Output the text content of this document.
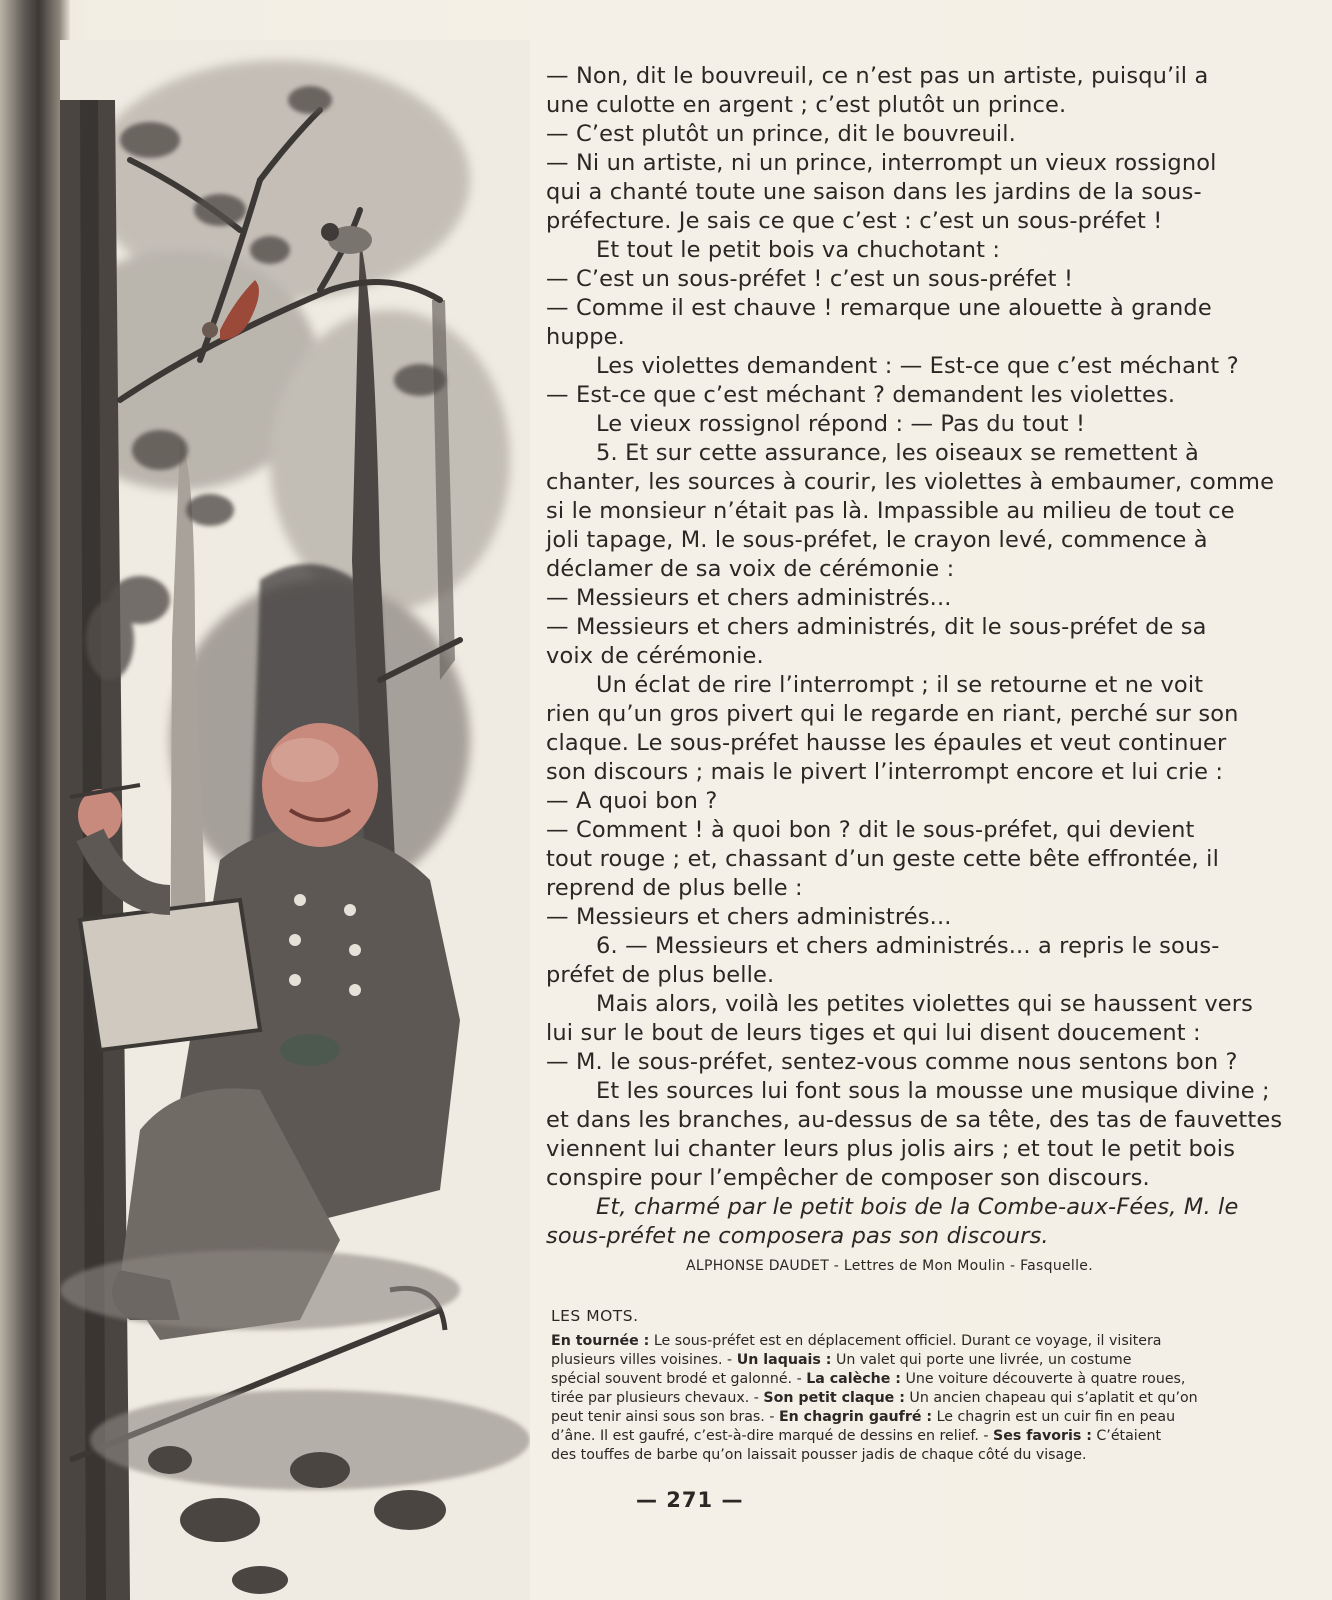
— Non, dit le bouvreuil, ce n’est pas un artiste, puisqu’il a

une culotte en argent ; c’est plutôt un prince.

— C’est plutôt un prince, dit le bouvreuil.

— Ni un artiste, ni un prince, interrompt un vieux rossignol

qui a chanté toute une saison dans les jardins de la sous-

préfecture. Je sais ce que c’est : c’est un sous-préfet !

Et tout le petit bois va chuchotant :

— C’est un sous-préfet ! c’est un sous-préfet !

— Comme il est chauve ! remarque une alouette à grande

huppe.

Les violettes demandent : — Est-ce que c’est méchant ?

— Est-ce que c’est méchant ? demandent les violettes.

Le vieux rossignol répond : — Pas du tout !

5. Et sur cette assurance, les oiseaux se remettent à

chanter, les sources à courir, les violettes à embaumer, comme

si le monsieur n’était pas là. Impassible au milieu de tout ce

joli tapage, M. le sous-préfet, le crayon levé, commence à

déclamer de sa voix de cérémonie :

— Messieurs et chers administrés...

— Messieurs et chers administrés, dit le sous-préfet de sa

voix de cérémonie.

Un éclat de rire l’interrompt ; il se retourne et ne voit

rien qu’un gros pivert qui le regarde en riant, perché sur son

claque. Le sous-préfet hausse les épaules et veut continuer

son discours ; mais le pivert l’interrompt encore et lui crie :

— A quoi bon ?

— Comment ! à quoi bon ? dit le sous-préfet, qui devient

tout rouge ; et, chassant d’un geste cette bête effrontée, il

reprend de plus belle :

— Messieurs et chers administrés...

6. — Messieurs et chers administrés... a repris le sous-

préfet de plus belle.

Mais alors, voilà les petites violettes qui se haussent vers

lui sur le bout de leurs tiges et qui lui disent doucement :

— M. le sous-préfet, sentez-vous comme nous sentons bon ?

Et les sources lui font sous la mousse une musique divine ;

et dans les branches, au-dessus de sa tête, des tas de fauvettes

viennent lui chanter leurs plus jolis airs ; et tout le petit bois

conspire pour l’empêcher de composer son discours.

Et, charmé par le petit bois de la Combe-aux-Fées, M. le

sous-préfet ne composera pas son discours.

ALPHONSE DAUDET - Lettres de Mon Moulin - Fasquelle.
LES MOTS.

En tournée : Le sous-préfet est en déplacement officiel. Durant ce voyage, il visitera

plusieurs villes voisines. - Un laquais : Un valet qui porte une livrée, un costume

spécial souvent brodé et galonné. - La calèche : Une voiture découverte à quatre roues,

tirée par plusieurs chevaux. - Son petit claque : Un ancien chapeau qui s’aplatit et qu’on

peut tenir ainsi sous son bras. - En chagrin gaufré : Le chagrin est un cuir fin en peau

d’âne. Il est gaufré, c’est-à-dire marqué de dessins en relief. - Ses favoris : C’étaient

des touffes de barbe qu’on laissait pousser jadis de chaque côté du visage.

— 271 —
